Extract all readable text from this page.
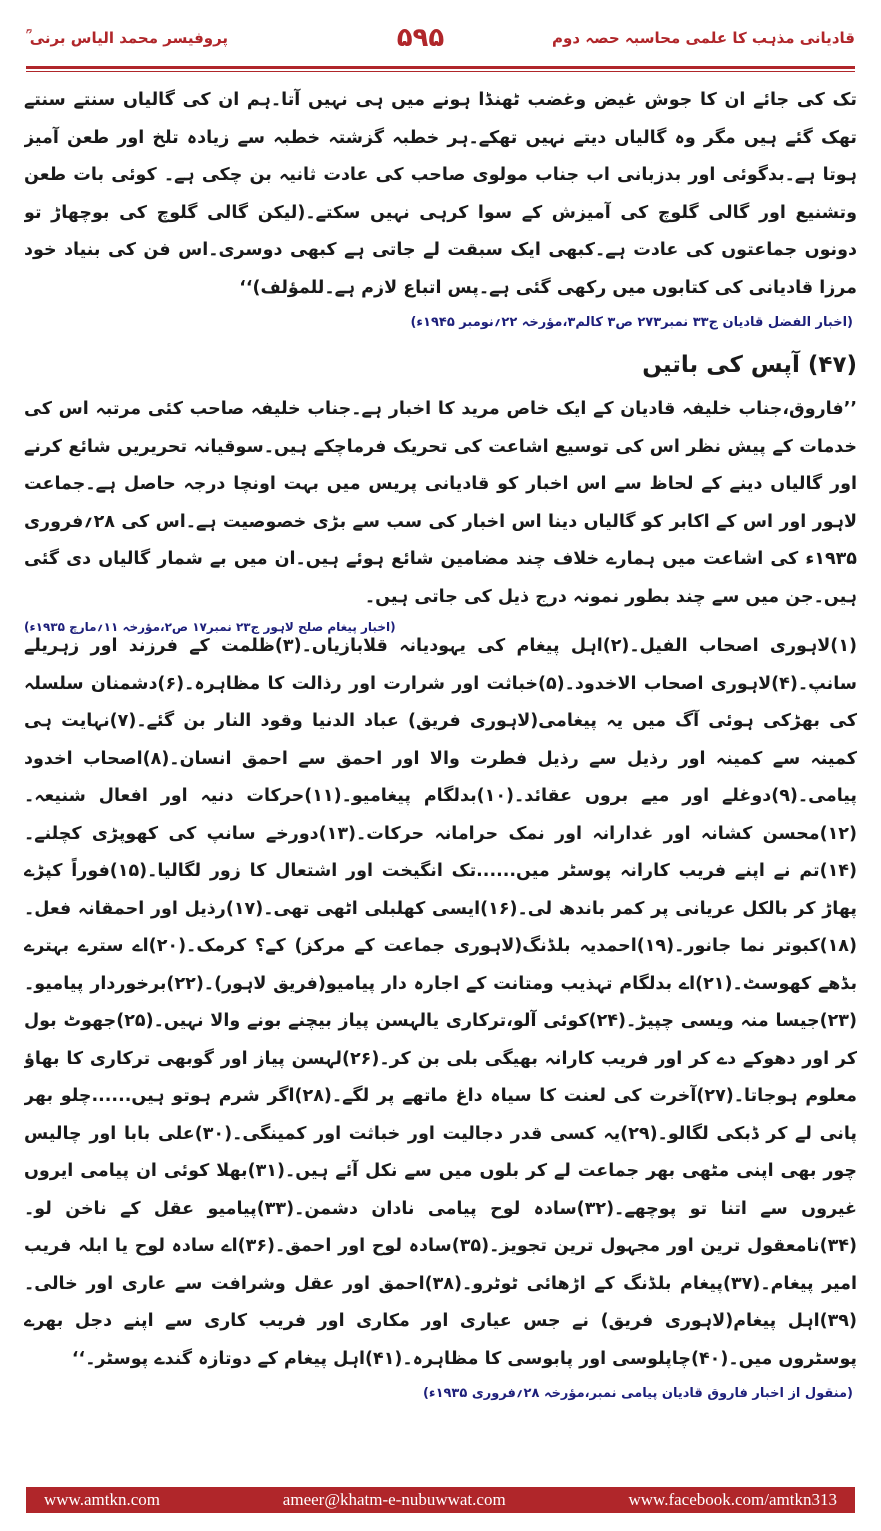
پروفیسر محمد الیاس برنی ؒ	۵۹۵	قادیانی مذہب کا علمی محاسبہ حصہ دوم

تک کی جائے ان کا جوش غیض وغضب ٹھنڈا ہونے میں ہی نہیں آتا۔ہم ان کی گالیاں سنتے سنتے تھک گئے ہیں مگر وہ گالیاں دیتے نہیں تھکے۔ہر خطبہ گزشتہ خطبہ سے زیادہ تلخ اور طعن آمیز ہوتا ہے۔بدگوئی اور بدزبانی اب جناب مولوی صاحب کی عادت ثانیہ بن چکی ہے۔ کوئی بات طعن وتشنیع اور گالی گلوچ کی آمیزش کے سوا کرہی نہیں سکتے۔(لیکن گالی گلوچ کی بوچھاڑ تو دونوں جماعتوں کی عادت ہے۔کبھی ایک سبقت لے جاتی ہے کبھی دوسری۔اس فن کی بنیاد خود مرزا قادیانی کی کتابوں میں رکھی گئی ہے۔پس اتباع لازم ہے۔للمؤلف)‘‘

(اخبار الفضل قادیان ج۳۳ نمبر۲۷۳ ص۳ کالم۳،مؤرخہ ۲۲؍نومبر ۱۹۴۵ء)
(۴۷) آپس کی باتیں

’’فاروق،جناب خلیفہ قادیان کے ایک خاص مرید کا اخبار ہے۔جناب خلیفہ صاحب کئی مرتبہ اس کی خدمات کے پیش نظر اس کی توسیع اشاعت کی تحریک فرماچکے ہیں۔سوقیانہ تحریریں شائع کرنے اور گالیاں دینے کے لحاظ سے اس اخبار کو قادیانی پریس میں بہت اونچا درجہ حاصل ہے۔جماعت لاہور اور اس کے اکابر کو گالیاں دینا اس اخبار کی سب سے بڑی خصوصیت ہے۔اس کی ۲۸؍فروری ۱۹۳۵ء کی اشاعت میں ہمارے خلاف چند مضامین شائع ہوئے ہیں۔ان میں بے شمار گالیاں دی گئی ہیں۔جن میں سے چند بطور نمونہ درج ذیل کی جاتی ہیں۔

(اخبار پیغام صلح لاہور ج۲۳ نمبر۱۷ ص۲،مؤرخہ ۱۱؍مارچ ۱۹۳۵ء)

(۱)لاہوری اصحاب الفیل۔(۲)اہل پیغام کی یہودیانہ قلابازیاں۔(۳)ظلمت کے فرزند اور زہریلے سانپ۔(۴)لاہوری اصحاب الاخدود۔(۵)خباثت اور شرارت اور رذالت کا مظاہرہ۔(۶)دشمنان سلسلہ کی بھڑکی ہوئی آگ میں یہ پیغامی(لاہوری فریق) عباد الدنیا وقود النار بن گئے۔(۷)نہایت ہی کمینہ سے کمینہ اور رذیل سے رذیل فطرت والا اور احمق سے احمق انسان۔(۸)اصحاب اخدود پیامی۔(۹)دوغلے اور میے بروں عقائد۔(۱۰)بدلگام پیغامیو۔(۱۱)حرکات دنیہ اور افعال شنیعہ۔(۱۲)محسن کشانہ اور غدارانہ اور نمک حرامانہ حرکات۔(۱۳)دورخے سانپ کی کھوپڑی کچلنے۔(۱۴)تم نے اپنے فریب کارانہ پوسٹر میں......تک انگیخت اور اشتعال کا زور لگالیا۔(۱۵)فوراً کپڑے پھاڑ کر بالکل عریانی پر کمر باندھ لی۔(۱۶)ایسی کھلبلی اٹھی تھی۔(۱۷)رذیل اور احمقانہ فعل۔(۱۸)کبوتر نما جانور۔(۱۹)احمدیہ بلڈنگ(لاہوری جماعت کے مرکز) کے؟ کرمک۔(۲۰)اے سترے بہترے بڈھے کھوسٹ۔(۲۱)اے بدلگام تہذیب ومتانت کے اجارہ دار پیامیو(فریق لاہور)۔(۲۲)برخوردار پیامیو۔(۲۳)جیسا منہ ویسی چپیڑ۔(۲۴)کوئی آلو،ترکاری یالہسن پیاز بیچنے بونے والا نہیں۔(۲۵)جھوٹ بول کر اور دھوکے دے کر اور فریب کارانہ بھیگی بلی بن کر۔(۲۶)لہسن پیاز اور گوبھی ترکاری کا بھاؤ معلوم ہوجاتا۔(۲۷)آخرت کی لعنت کا سیاہ داغ ماتھے پر لگے۔(۲۸)اگر شرم ہوتو ہیں......چلو بھر پانی لے کر ڈبکی لگالو۔(۲۹)یہ کسی قدر دجالیت اور خباثت اور کمینگی۔(۳۰)علی بابا اور چالیس چور بھی اپنی مٹھی بھر جماعت لے کر بلوں میں سے نکل آئے ہیں۔(۳۱)بھلا کوئی ان پیامی ایروں غیروں سے اتنا تو پوچھے۔(۳۲)سادہ لوح پیامی نادان دشمن۔(۳۳)پیامیو عقل کے ناخن لو۔(۳۴)نامعقول ترین اور مجہول ترین تجویز۔(۳۵)سادہ لوح اور احمق۔(۳۶)اے سادہ لوح یا ابلہ فریب امیر پیغام۔(۳۷)پیغام بلڈنگ کے اڑھائی ٹوٹرو۔(۳۸)احمق اور عقل وشرافت سے عاری اور خالی۔(۳۹)اہل پیغام(لاہوری فریق) نے جس عیاری اور مکاری اور فریب کاری سے اپنے دجل بھرے پوسٹروں میں۔(۴۰)چاپلوسی اور پابوسی کا مظاہرہ۔(۴۱)اہل پیغام کے دوتازہ گندے پوسٹر۔‘‘

(منقول از اخبار فاروق قادیان پیامی نمبر،مؤرخہ ۲۸؍فروری ۱۹۳۵ء)
www.amtkn.com	ameer@khatm-e-nubuwwat.com	www.facebook.com/amtkn313
